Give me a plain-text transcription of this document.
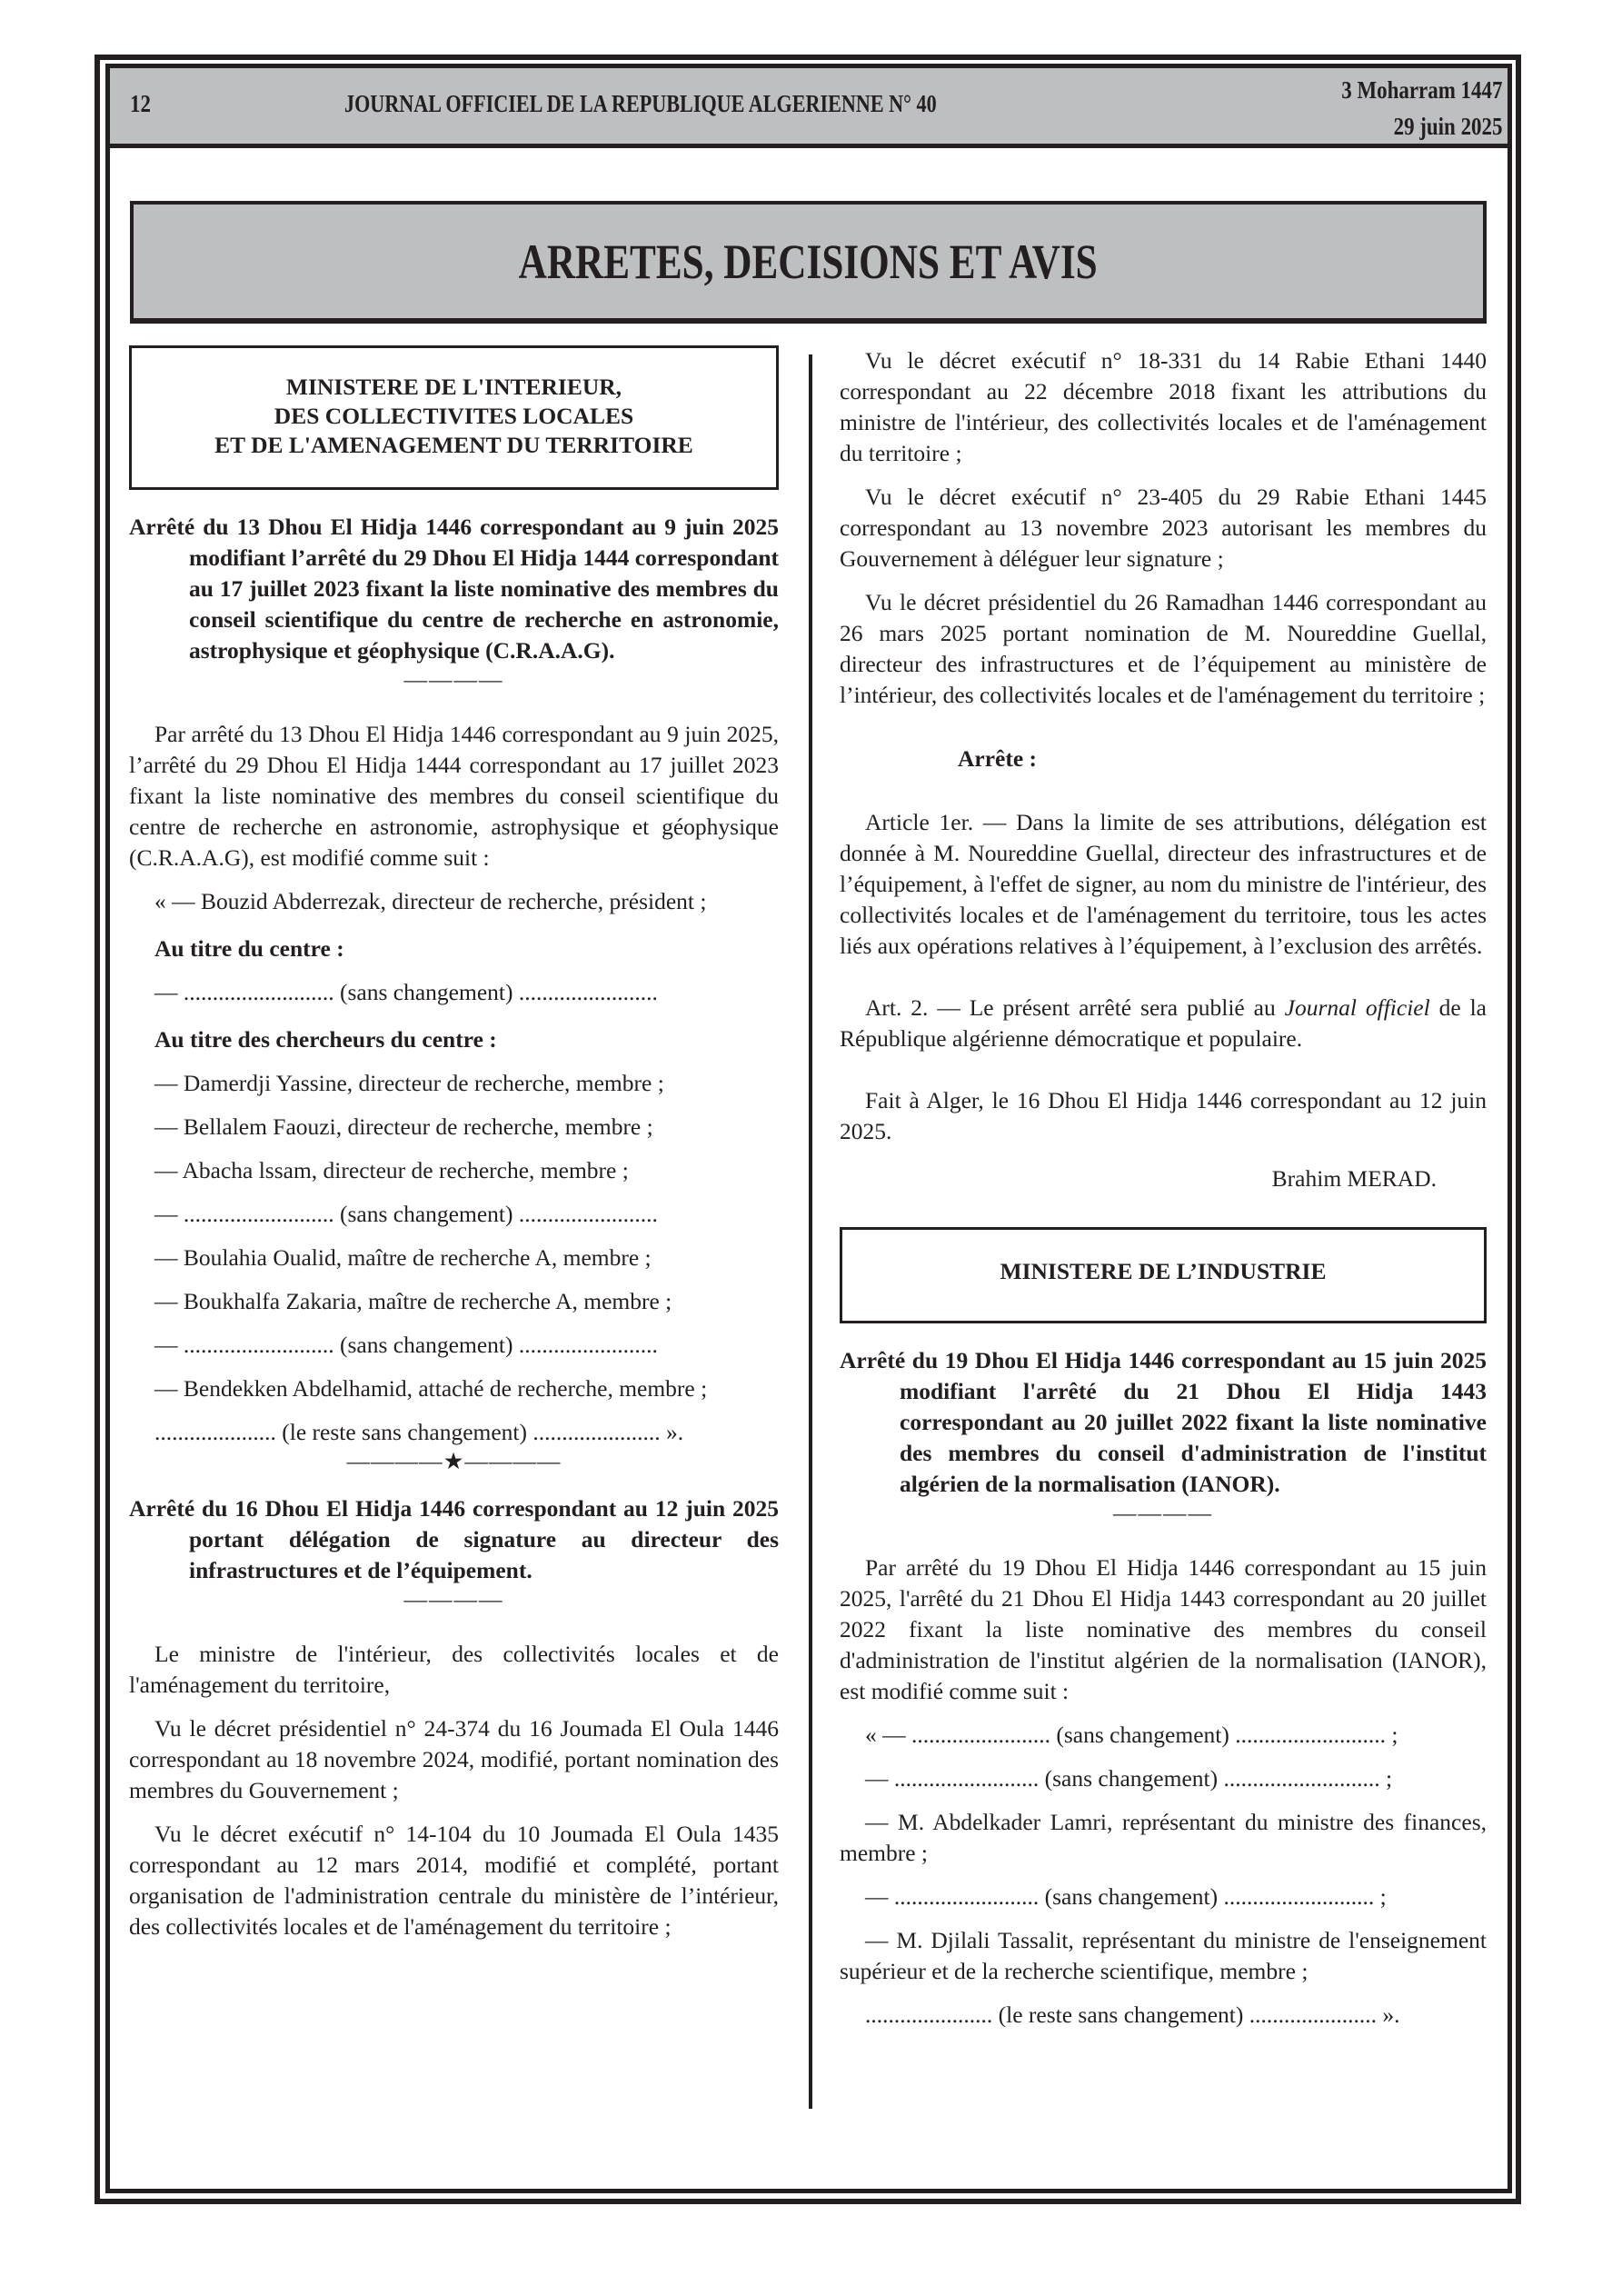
12	JOURNAL OFFICIEL DE LA REPUBLIQUE ALGERIENNE N° 40	3 Moharram 1447
29 juin 2025
ARRETES, DECISIONS ET AVIS
MINISTERE DE L'INTERIEUR,
DES COLLECTIVITES LOCALES
ET DE L'AMENAGEMENT DU TERRITOIRE
Arrêté du 13 Dhou El Hidja 1446 correspondant au 9 juin 2025 modifiant l’arrêté du 29 Dhou El Hidja 1444 correspondant au 17 juillet 2023 fixant la liste nominative des membres du conseil scientifique du centre de recherche en astronomie, astrophysique et géophysique (C.R.A.A.G).
————

Par arrêté du 13 Dhou El Hidja 1446 correspondant au 9 juin 2025, l’arrêté du 29 Dhou El Hidja 1444 correspondant au 17 juillet 2023 fixant la liste nominative des membres du conseil scientifique du centre de recherche en astronomie, astrophysique et géophysique (C.R.A.A.G), est modifié comme suit :

« — Bouzid Abderrezak, directeur de recherche, président ;

Au titre du centre :

— .......................... (sans changement) ........................

Au titre des chercheurs du centre :

— Damerdji Yassine, directeur de recherche, membre ;

— Bellalem Faouzi, directeur de recherche, membre ;

— Abacha lssam, directeur de recherche, membre ;

— .......................... (sans changement) ........................

— Boulahia Oualid, maître de recherche A, membre ;

— Boukhalfa Zakaria, maître de recherche A, membre ;

— .......................... (sans changement) ........................

— Bendekken Abdelhamid, attaché de recherche, membre ;

..................... (le reste sans changement) ...................... ».

————★————
Arrêté du 16 Dhou El Hidja 1446 correspondant au 12 juin 2025 portant délégation de signature au directeur des infrastructures et de l’équipement.
————

Le ministre de l'intérieur, des collectivités locales et de l'aménagement du territoire,

Vu le décret présidentiel n° 24-374 du 16 Joumada El Oula 1446 correspondant au 18 novembre 2024, modifié, portant nomination des membres du Gouvernement ;

Vu le décret exécutif n° 14-104 du 10 Joumada El Oula 1435 correspondant au 12 mars 2014, modifié et complété, portant organisation de l'administration centrale du ministère de l’intérieur, des collectivités locales et de l'aménagement du territoire ;

Vu le décret exécutif n° 18-331 du 14 Rabie Ethani 1440 correspondant au 22 décembre 2018 fixant les attributions du ministre de l'intérieur, des collectivités locales et de l'aménagement du territoire ;

Vu le décret exécutif n° 23-405 du 29 Rabie Ethani 1445 correspondant au 13 novembre 2023 autorisant les membres du Gouvernement à déléguer leur signature ;

Vu le décret présidentiel du 26 Ramadhan 1446 correspondant au 26 mars 2025 portant nomination de M. Noureddine Guellal, directeur des infrastructures et de l’équipement au ministère de l’intérieur, des collectivités locales et de l'aménagement du territoire ;

Arrête :

Article 1er. — Dans la limite de ses attributions, délégation est donnée à M. Noureddine Guellal, directeur des infrastructures et de l’équipement, à l'effet de signer, au nom du ministre de l'intérieur, des collectivités locales et de l'aménagement du territoire, tous les actes liés aux opérations relatives à l’équipement, à l’exclusion des arrêtés.

Art. 2. — Le présent arrêté sera publié au Journal officiel de la République algérienne démocratique et populaire.

Fait à Alger, le 16 Dhou El Hidja 1446 correspondant au 12 juin 2025.

Brahim MERAD.
MINISTERE DE L’INDUSTRIE
Arrêté du 19 Dhou El Hidja 1446 correspondant au 15 juin 2025 modifiant l'arrêté du 21 Dhou El Hidja 1443 correspondant au 20 juillet 2022 fixant la liste nominative des membres du conseil d'administration de l'institut algérien de la normalisation (IANOR).
————

Par arrêté du 19 Dhou El Hidja 1446 correspondant au 15 juin 2025, l'arrêté du 21 Dhou El Hidja 1443 correspondant au 20 juillet 2022 fixant la liste nominative des membres du conseil d'administration de l'institut algérien de la normalisation (IANOR), est modifié comme suit :

« — ........................ (sans changement) .......................... ;

— ......................... (sans changement) ........................... ;

— M. Abdelkader Lamri, représentant du ministre des finances, membre ;

— ......................... (sans changement) .......................... ;

— M. Djilali Tassalit, représentant du ministre de l'enseignement supérieur et de la recherche scientifique, membre ;

...................... (le reste sans changement) ...................... ».
